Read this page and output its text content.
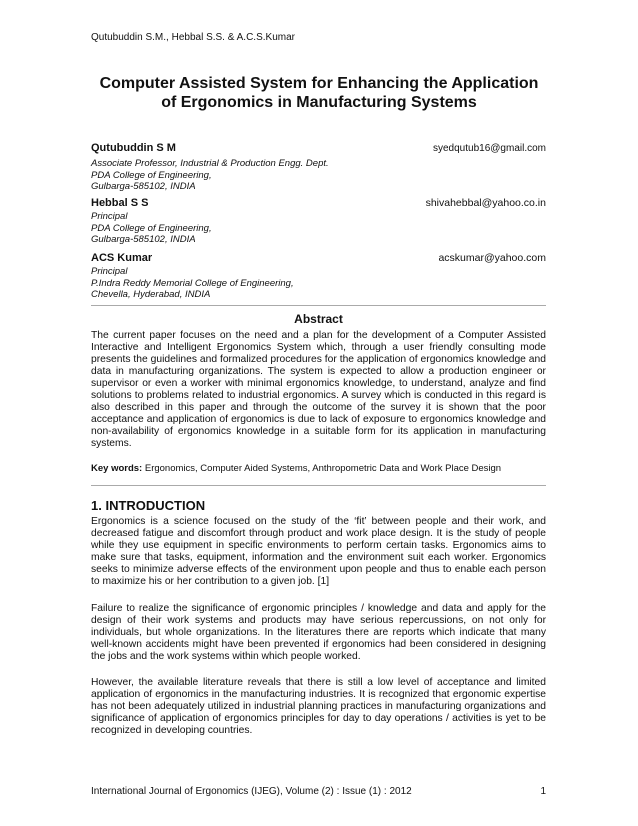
Qutubuddin S.M., Hebbal S.S. & A.C.S.Kumar
Computer Assisted System for Enhancing the Application of Ergonomics in Manufacturing Systems
Qutubuddin S M	syedqutub16@gmail.com
Associate Professor, Industrial & Production Engg. Dept.
PDA College of Engineering,
Gulbarga-585102, INDIA
Hebbal S S	shivahebbal@yahoo.co.in
Principal
PDA College of Engineering,
Gulbarga-585102, INDIA
ACS Kumar	acskumar@yahoo.com
Principal
P.Indra Reddy Memorial College of Engineering,
Chevella, Hyderabad, INDIA
Abstract

The current paper focuses on the need and a plan for the development of a Computer Assisted Interactive and Intelligent Ergonomics System which, through a user friendly consulting mode presents the guidelines and formalized procedures for the application of ergonomics knowledge and data in manufacturing organizations. The system is expected to allow a production engineer or supervisor or even a worker with minimal ergonomics knowledge, to understand, analyze and find solutions to problems related to industrial ergonomics. A survey which is conducted in this regard is also described in this paper and through the outcome of the survey it is shown that the poor acceptance and application of ergonomics is due to lack of exposure to ergonomics knowledge and non-availability of ergonomics knowledge in a suitable form for its application in manufacturing systems.

Key words: Ergonomics, Computer Aided Systems, Anthropometric Data and Work Place Design
1. INTRODUCTION

Ergonomics is a science focused on the study of the ‘fit’ between people and their work, and decreased fatigue and discomfort through product and work place design. It is the study of people while they use equipment in specific environments to perform certain tasks. Ergonomics aims to make sure that tasks, equipment, information and the environment suit each worker. Ergonomics seeks to minimize adverse effects of the environment upon people and thus to enable each person to maximize his or her contribution to a given job. [1]

Failure to realize the significance of ergonomic principles / knowledge and data and apply for the design of their work systems and products may have serious repercussions, on not only for individuals, but whole organizations. In the literatures there are reports which indicate that many well-known accidents might have been prevented if ergonomics had been considered in designing the jobs and the work systems within which people worked.

However, the available literature reveals that there is still a low level of acceptance and limited application of ergonomics in the manufacturing industries. It is recognized that ergonomic expertise has not been adequately utilized in industrial planning practices in manufacturing organizations and significance of application of ergonomics principles for day to day operations / activities is yet to be recognized in developing countries.

International Journal of Ergonomics (IJEG), Volume (2) : Issue (1) : 2012	1
